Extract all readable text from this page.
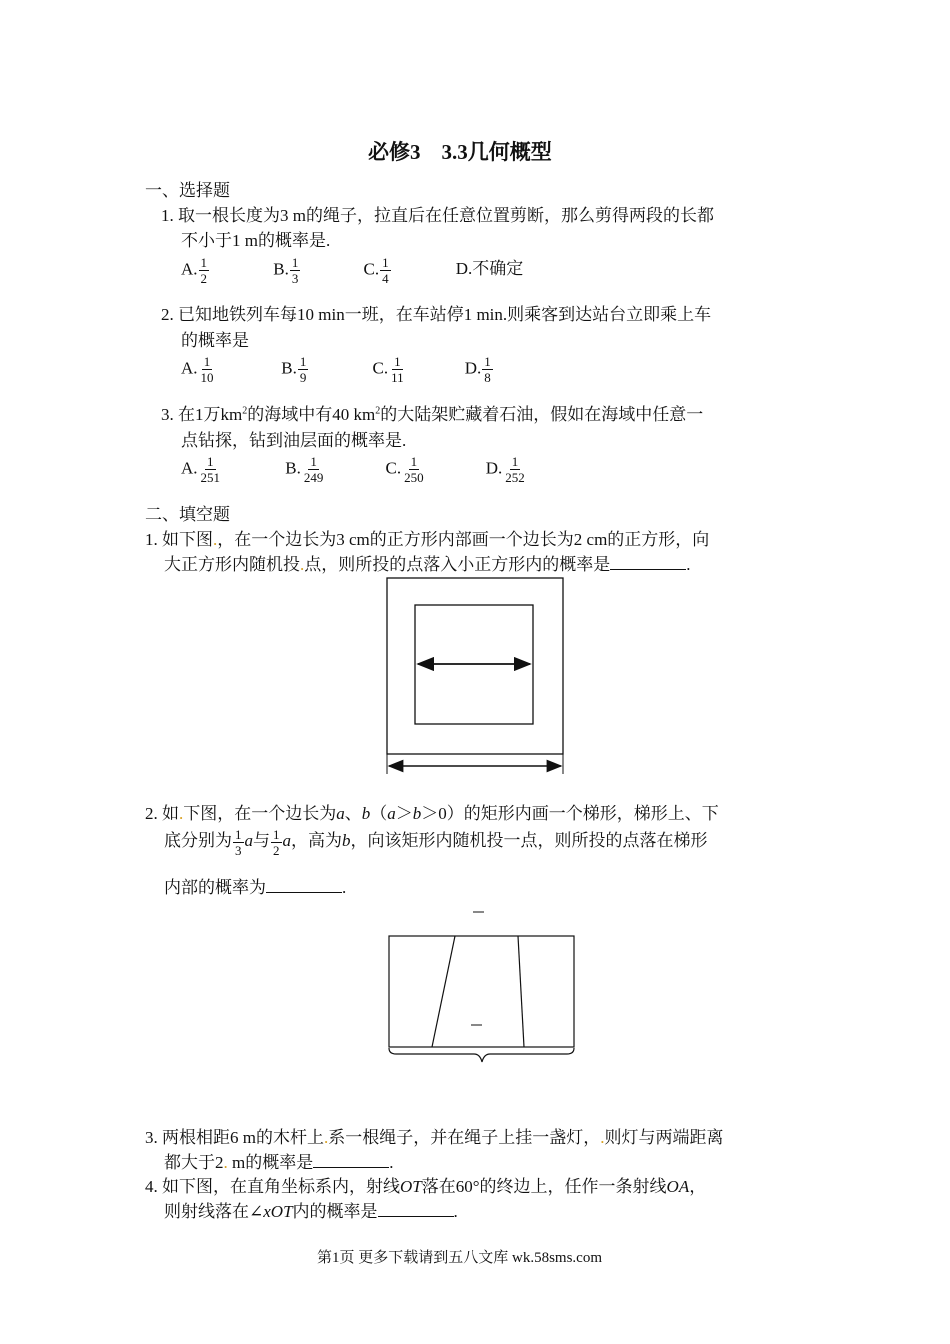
必修3　3.3几何概型
一、选择题
1. 取一根长度为3 m的绳子，拉直后在任意位置剪断，那么剪得两段的长都
不小于1 m的概率是.
A. $\frac{1}{2}$	B. $\frac{1}{3}$	C. $\frac{1}{4}$	D.不确定
2. 已知地铁列车每10 min一班，在车站停1 min.则乘客到达站台立即乘上车
的概率是
A. $\frac{1}{10}$	B. $\frac{1}{9}$	C. $\frac{1}{11}$	D. $\frac{1}{8}$
3. 在1万$km^2$的海域中有40 $km^2$的大陆架贮藏着石油，假如在海域中任意一
点钻探，钻到油层面的概率是.
A. $\frac{1}{251}$	B. $\frac{1}{249}$	C. $\frac{1}{250}$	D. $\frac{1}{252}$
二、填空题
1. 如下图.，在一个边长为3 cm的正方形内部画一个边长为2 cm的正方形，向
大正方形内随机投.点，则所投的点落入小正方形内的概率是	.
2. 如.下图，在一个边长为a、b（a＞b＞0）的矩形内画一个梯形，梯形上、下
底分别为 $\frac{1}{3}$ a与 $\frac{1}{2}$ a，高为b，向该矩形内随机投一点，则所投的点落在梯形
内部的概率为	.
3. 两根相距6 m的木杆上.系一根绳子，并在绳子上挂一盏灯，.则灯与两端距离
都大于2. m的概率是	.
4. 如下图，在直角坐标系内，射线OT落在60°的终边上，任作一条射线OA，
则射线落在∠xOT内的概率是	.
第1页 更多下载请到五八文库 wk.58sms.com
